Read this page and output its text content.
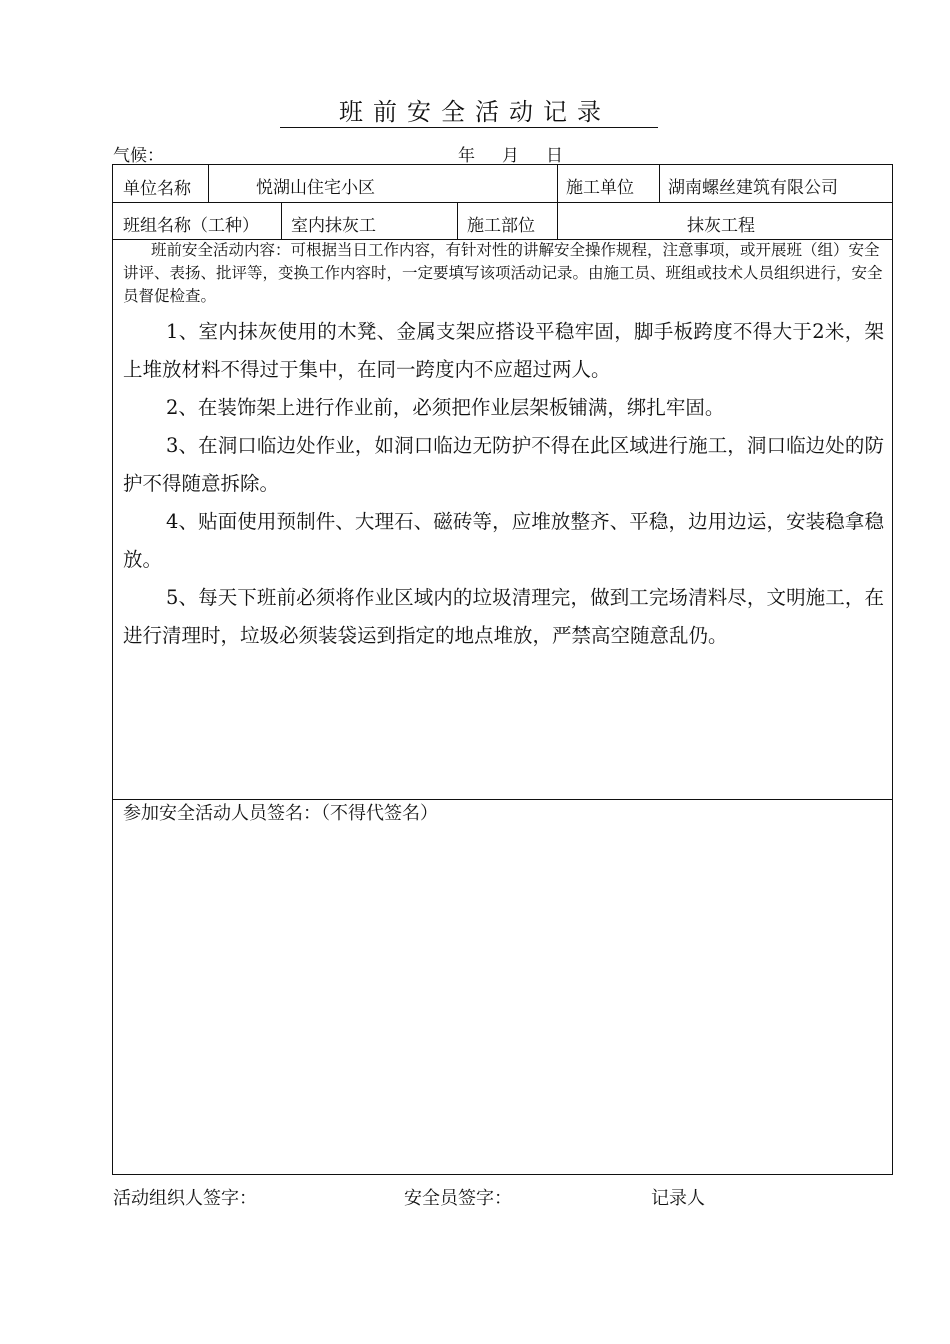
班前安全活动记录
气候：	年     月     日
单位名称	悦湖山住宅小区	施工单位 湖南螺丝建筑有限公司
班组名称（工种） 室内抹灰工	施工部位	抹灰工程
班前安全活动内容：可根据当日工作内容，有针对性的讲解安全操作规程，注意事项，或开展班（组）安全讲评、表扬、批评等，变换工作内容时，一定要填写该项活动记录。由施工员、班组或技术人员组织进行，安全员督促检查。

1、室内抹灰使用的木凳、金属支架应搭设平稳牢固，脚手板跨度不得大于2米，架上堆放材料不得过于集中，在同一跨度内不应超过两人。

2、在装饰架上进行作业前，必须把作业层架板铺满，绑扎牢固。

3、在洞口临边处作业，如洞口临边无防护不得在此区域进行施工，洞口临边处的防护不得随意拆除。

4、贴面使用预制件、大理石、磁砖等，应堆放整齐、平稳，边用边运，安装稳拿稳放。

5、每天下班前必须将作业区域内的垃圾清理完，做到工完场清料尽，文明施工，在进行清理时，垃圾必须装袋运到指定的地点堆放，严禁高空随意乱仍。

参加安全活动人员签名：（不得代签名）
活动组织人签字：	安全员签字：	记录人
